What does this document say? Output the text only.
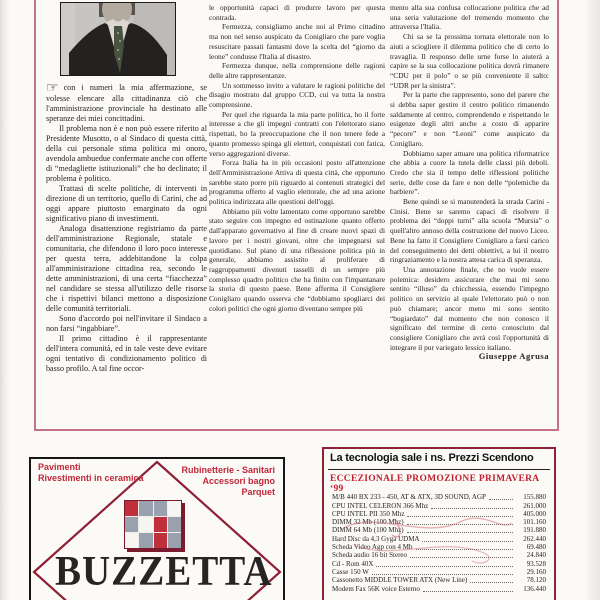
☞ con i numeri la mia affermazione, se volesse elencare alla cittadinanza ciò che l'amministrazione provinciale ha destinato alle speranze dei miei concittadini.

Il problema non è e non può essere riferito al Presidente Musotto, o al Sindaco di questa città, della cui personale stima politica mi onoro, avendola ambuedue confermate anche con offerte di “medagliette istituzionali” che ho declinato; il problema è politico.

Trattasi di scelte politiche, di interventi in direzione di un territorio, quello di Carini, che ad oggi appare piuttosto emarginato da ogni significativo piano di investimenti.

Analoga disattenzione registriamo da parte dell'amministrazione Regionale, statale e comunitaria, che difendono il loro poco interesse per questa terra, addebitandone la colpa all'amministrazione cittadina rea, secondo le dette amministrazioni, di una certa “fiacchezza” nel candidare se stessa all'utilizzo delle risorse che i rispettivi bilanci mettono a disposizione delle comunità territoriali.

Sono d'accordo poi nell'invitare il Sindaco a non farsi “ingabbiare”.

Il primo cittadino è il rappresentante dell'intera comunità, ed in tale veste deve evitare ogni tentativo di condizionamento politico di basso profilo. A tal fine occor-

le opportunità capaci di produrre lavoro per questa contrada.

Fermezza, consigliamo anche noi al Primo cittadino ma non nel senso auspicato da Conigliaro che pare voglia resuscitare passati fantasmi dove la scelta del “giorno da leone” condusse l'Italia al disastro.

Fermezza dunque, nella comprensione delle ragioni delle altre rappresentanze.

Un sommesso invito a valutare le ragioni politiche del disagio mostrato dal gruppo CCD, cui va tutta la nostra comprensione.

Per quel che riguarda la mia parte politica, ho il forte interesse a che gli impegni contratti con l'elettorato siano rispettati, ho la preoccupazione che il non tenere fede a quanto promesso spinga gli elettori, conquistati con fatica, verso aggregazioni diverse.

Forza Italia ha in più occasioni posto all'attenzione dell'Amministrazione Attiva di questa città, che opportuno sarebbe stato porre più riguardo ai contenuti strategici del programma offerto al vaglio elettorale, che ad una azione politica indirizzata alle questioni dell'oggi.

Abbiamo più volte lamentato come opportuno sarebbe stato seguire con impegno ed ostinazione quanto offerto dall'apparato governativo al fine di creare nuovi spazi di lavoro per i nostri giovani, oltre che impegnarsi sul quotidiano. Sul piano di una riflessione politica più in generale, abbiamo assistito al proliferare di raggruppamenti divenuti tasselli di un sempre più complesso quadro politico che ha finito con l'impantanare la storia di questo paese. Bene afferma il Consigliere Conigliaro quando osserva che “dobbiamo spogliarci dei colori politici che ogni giorno diventano sempre più

mento alla sua confusa collocazione politica che ad una seria valutazione del tremendo momento che attraversa l'Italia.

Chi sa se la prossima tornata elettorale non lo aiuti a sciogliere il dilemma politico che di certo lo travaglia. Il responso delle urne forse lo aiuterà a capire se la sua collocazione politica dovrà rimanere “CDU per il polo” o se più conveniente il salto: “UDR per la sinistra”.

Per la parte che rappresento, sono del parere che si debba saper gestire il centro politico rimanendo saldamente al centro, comprendendo e rispettando le esigenze degli altri anche a costo di apparire “pecore” e non “Leoni” come auspicato da Conigliaro.

Dobbiamo saper attuare una politica riformatrice che abbia a cuore la tutela delle classi più deboli. Credo che sia il tempo delle riflessioni politiche serie, delle cose da fare e non delle “polemiche da barbiere”.

Bene quindi se si manutenderà la strada Carini - Cinisi. Bene se saremo capaci di risolvere il problema dei “doppi turni” alla scuola “Mursia” o quell'altro annoso della costruzione del nuovo Liceo. Bene ha fatto il Consigliere Conigliaro a farsi carico del conseguimento dei detti obiettivi, a lui il nostro ringraziamento e la nostra attesa carica di speranza.

Una annotazione finale, che no vuole essere polemica: desidero assicurare che mai mi sono sentito “illuso” da chicchessia, essendo l'impegno politico un servizio al quale l'elettorato può o non può chiamare; ancor meno mi sono sentito “bugiardato” dal momento che non conosco il significato del termine di certo conosciuto dal consigliere Conigliaro che avrà così l'opportunità di integrare il pur variegato lessico italiano.

Giuseppe Agrusa

Pavimenti
Rivestimenti in ceramica
Rubinetterie - Sanitari
Accessori bagno
Parquet
BUZZETTA
La tecnologia sale i ns. Prezzi Scendono
ECCEZIONALE PROMOZIONE PRIMAVERA ‘99
M/B 440 BX 233 - 450, AT & ATX, 3D SOUND, AGP	155.880
CPU INTEL CELERON 366 Mhz	261.000
CPU INTEL PII 350 Mhz	405.000
DIMM 32 Mb (100 Mhz)	101.160
DIMM 64 Mb (100 Mhz)	191.880
Hard Disc da 4,3 Gyga UDMA	262.440
Scheda Video Agp con 4 Mb	69.480
Scheda audio 16 bit Stereo	24.840
Cd - Rom 40X	93.528
Casse 150 W	29.160
Cassonetto MIDDLE TOWER ATX (New Line)	78.120
Modem Fax 56K voice Esterno	136.440
